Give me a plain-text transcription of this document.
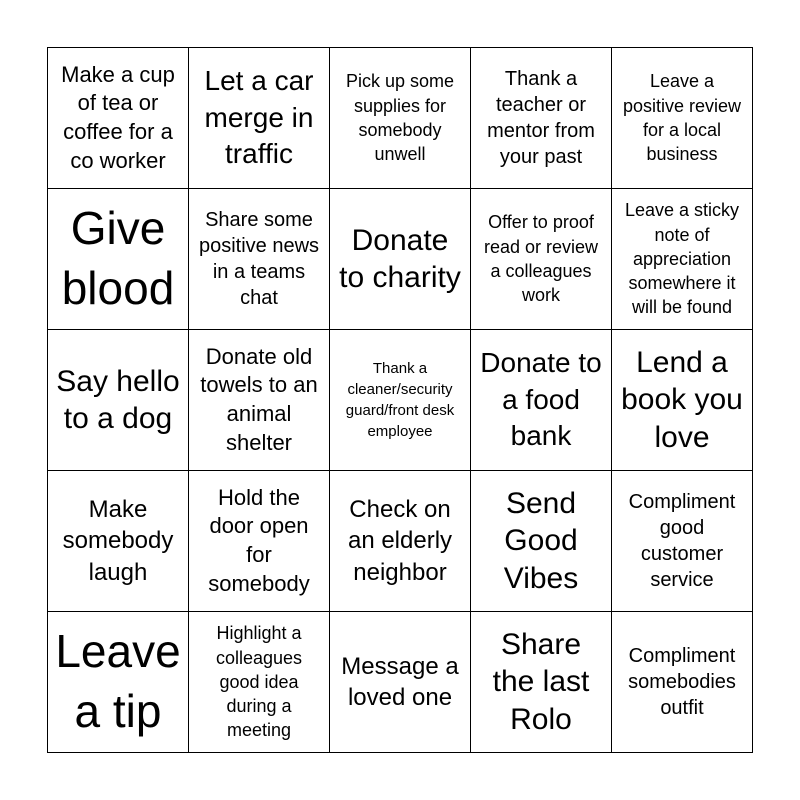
Make a cup of tea or coffee for a co worker
Let a car merge in traffic
Pick up some supplies for somebody unwell
Thank a teacher or mentor from your past
Leave a positive review for a local business
Give blood
Share some positive news in a teams chat
Donate to charity
Offer to proof read or review a colleagues work
Leave a sticky note of appreciation somewhere it will be found
Say hello to a dog
Donate old towels to an animal shelter
Thank a cleaner/security guard/front desk employee
Donate to a food bank
Lend a book you love
Make somebody laugh
Hold the door open for somebody
Check on an elderly neighbor
Send Good Vibes
Compliment good customer service
Leave a tip
Highlight a colleagues good idea during a meeting
Message a loved one
Share the last Rolo
Compliment somebodies outfit
